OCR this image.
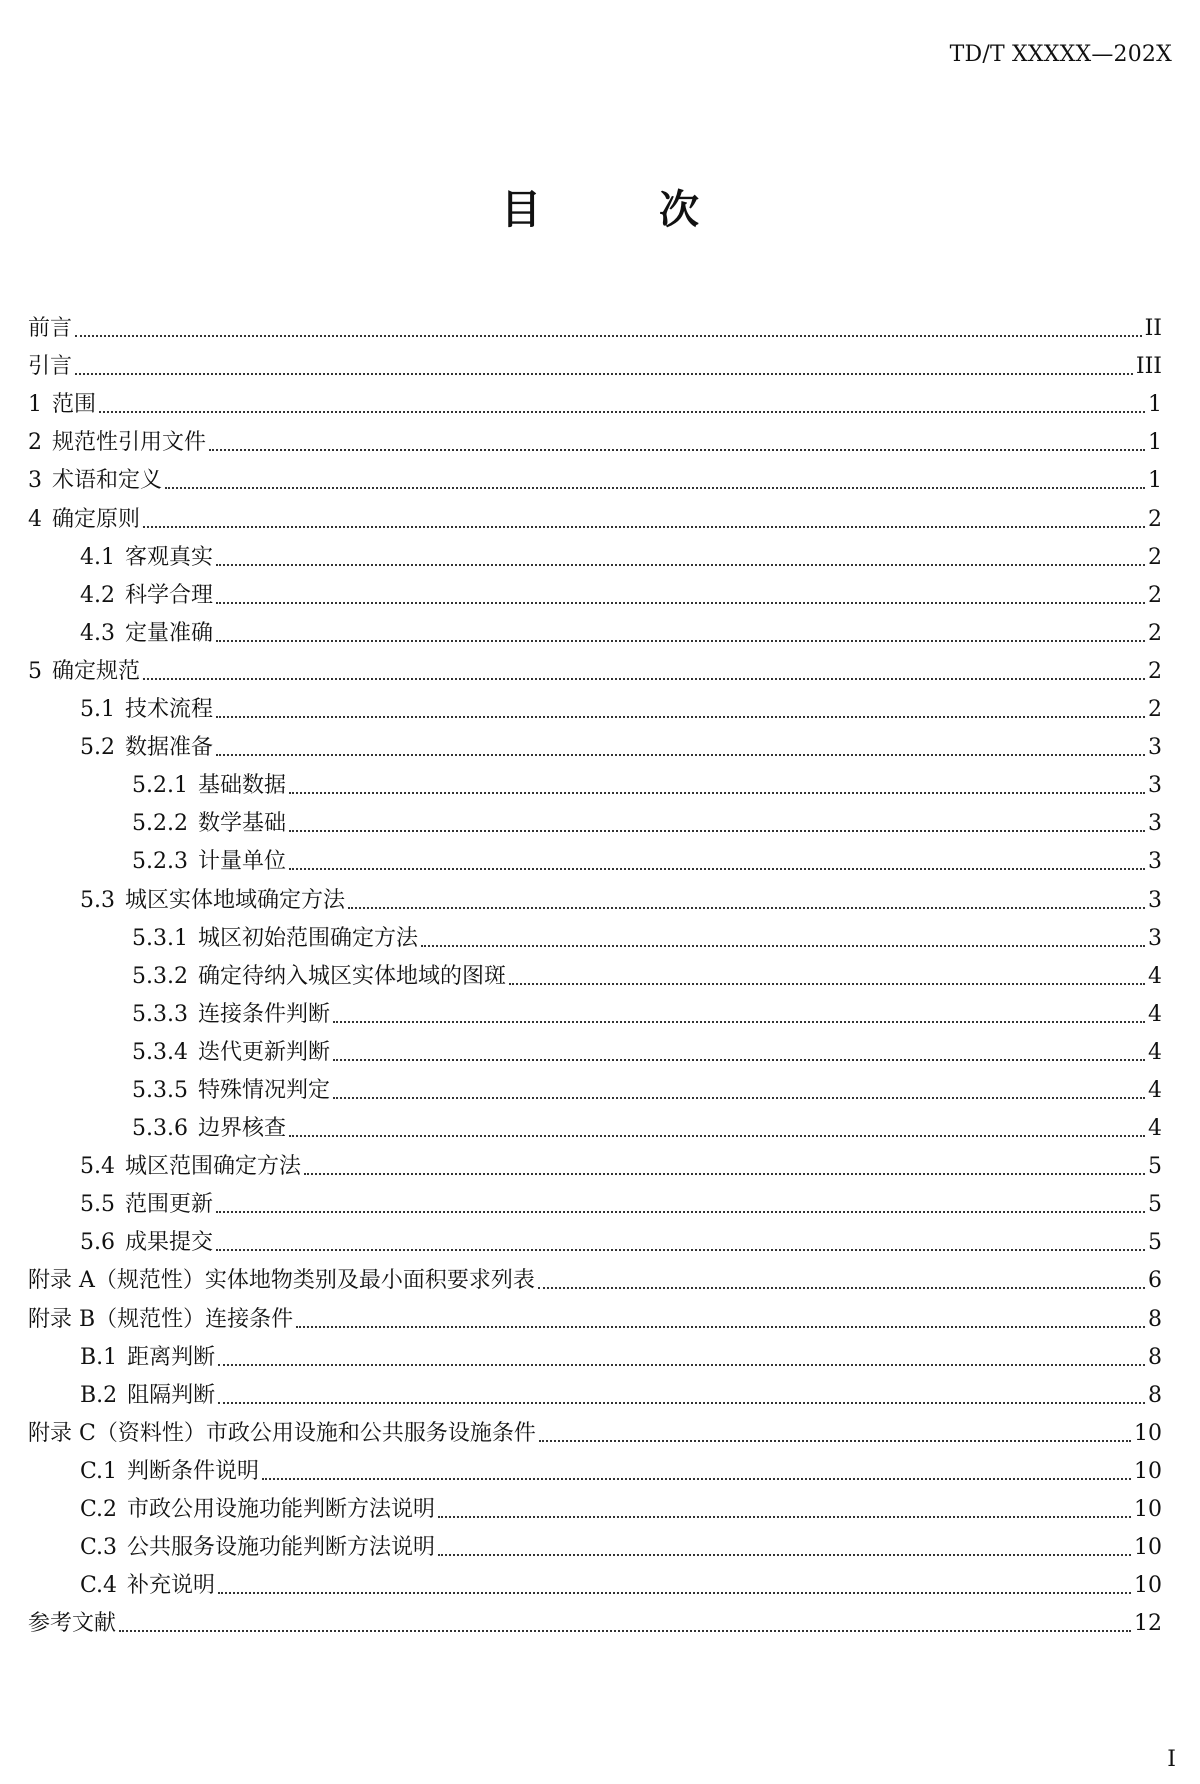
TD/T XXXXX—202X
目 次
前言	II
引言	III
1 范围	1
2 规范性引用文件	1
3 术语和定义	1
4 确定原则	2
4.1 客观真实	2
4.2 科学合理	2
4.3 定量准确	2
5 确定规范	2
5.1 技术流程	2
5.2 数据准备	3
5.2.1 基础数据	3
5.2.2 数学基础	3
5.2.3 计量单位	3
5.3 城区实体地域确定方法	3
5.3.1 城区初始范围确定方法	3
5.3.2 确定待纳入城区实体地域的图斑	4
5.3.3 连接条件判断	4
5.3.4 迭代更新判断	4
5.3.5 特殊情况判定	4
5.3.6 边界核查	4
5.4 城区范围确定方法	5
5.5 范围更新	5
5.6 成果提交	5
附录 A（规范性）实体地物类别及最小面积要求列表	6
附录 B（规范性）连接条件	8
B.1 距离判断	8
B.2 阻隔判断	8
附录 C（资料性）市政公用设施和公共服务设施条件	10
C.1 判断条件说明	10
C.2 市政公用设施功能判断方法说明	10
C.3 公共服务设施功能判断方法说明	10
C.4 补充说明	10
参考文献	12
I
